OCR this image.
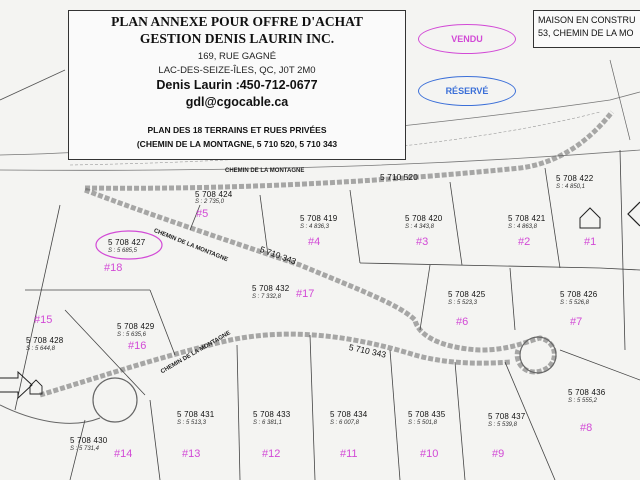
PLAN ANNEXE POUR OFFRE D'ACHAT
GESTION DENIS LAURIN INC.
169, RUE GAGNÉ
LAC-DES-SEIZE-ÎLES, QC, J0T 2M0
Denis Laurin :450-712-0677
gdl@cgocable.ca
PLAN DES 18 TERRAINS ET RUES PRIVÉES
(CHEMIN DE LA MONTAGNE, 5 710 520, 5 710 343
VENDU
RÉSERVÉ
MAISON EN CONSTRU
53, CHEMIN DE LA MO
CHEMIN DE LA MONTAGNE
CHEMIN DE LA MONTAGNE
CHEMIN DE LA MONTAGNE
5 710 520
5 710 343
5 710 343
5 708 422
S : 4 850,1
#1
5 708 421
S : 4 863,8
#2
5 708 420
S : 4 343,8
#3
5 708 419
S : 4 836,3
#4
5 708 424
S : 2 735,0
#5
5 708 425
S : 5 523,3
#6
5 708 426
S : 5 526,8
#7
5 708 436
S : 5 555,2
#8
5 708 437
S : 5 539,8
#9
5 708 435
S : 5 501,8
#10
5 708 434
S : 6 007,8
#11
5 708 433
S : 6 381,1
#12
5 708 431
S : 5 513,3
#13
5 708 430
S : 5 731,4 #14
5 708 428
S : 5 644,8
#15
5 708 429
S : 5 635,6
#16
5 708 432
S : 7 332,8 #17
5 708 427
S : 5 685,5
#18
